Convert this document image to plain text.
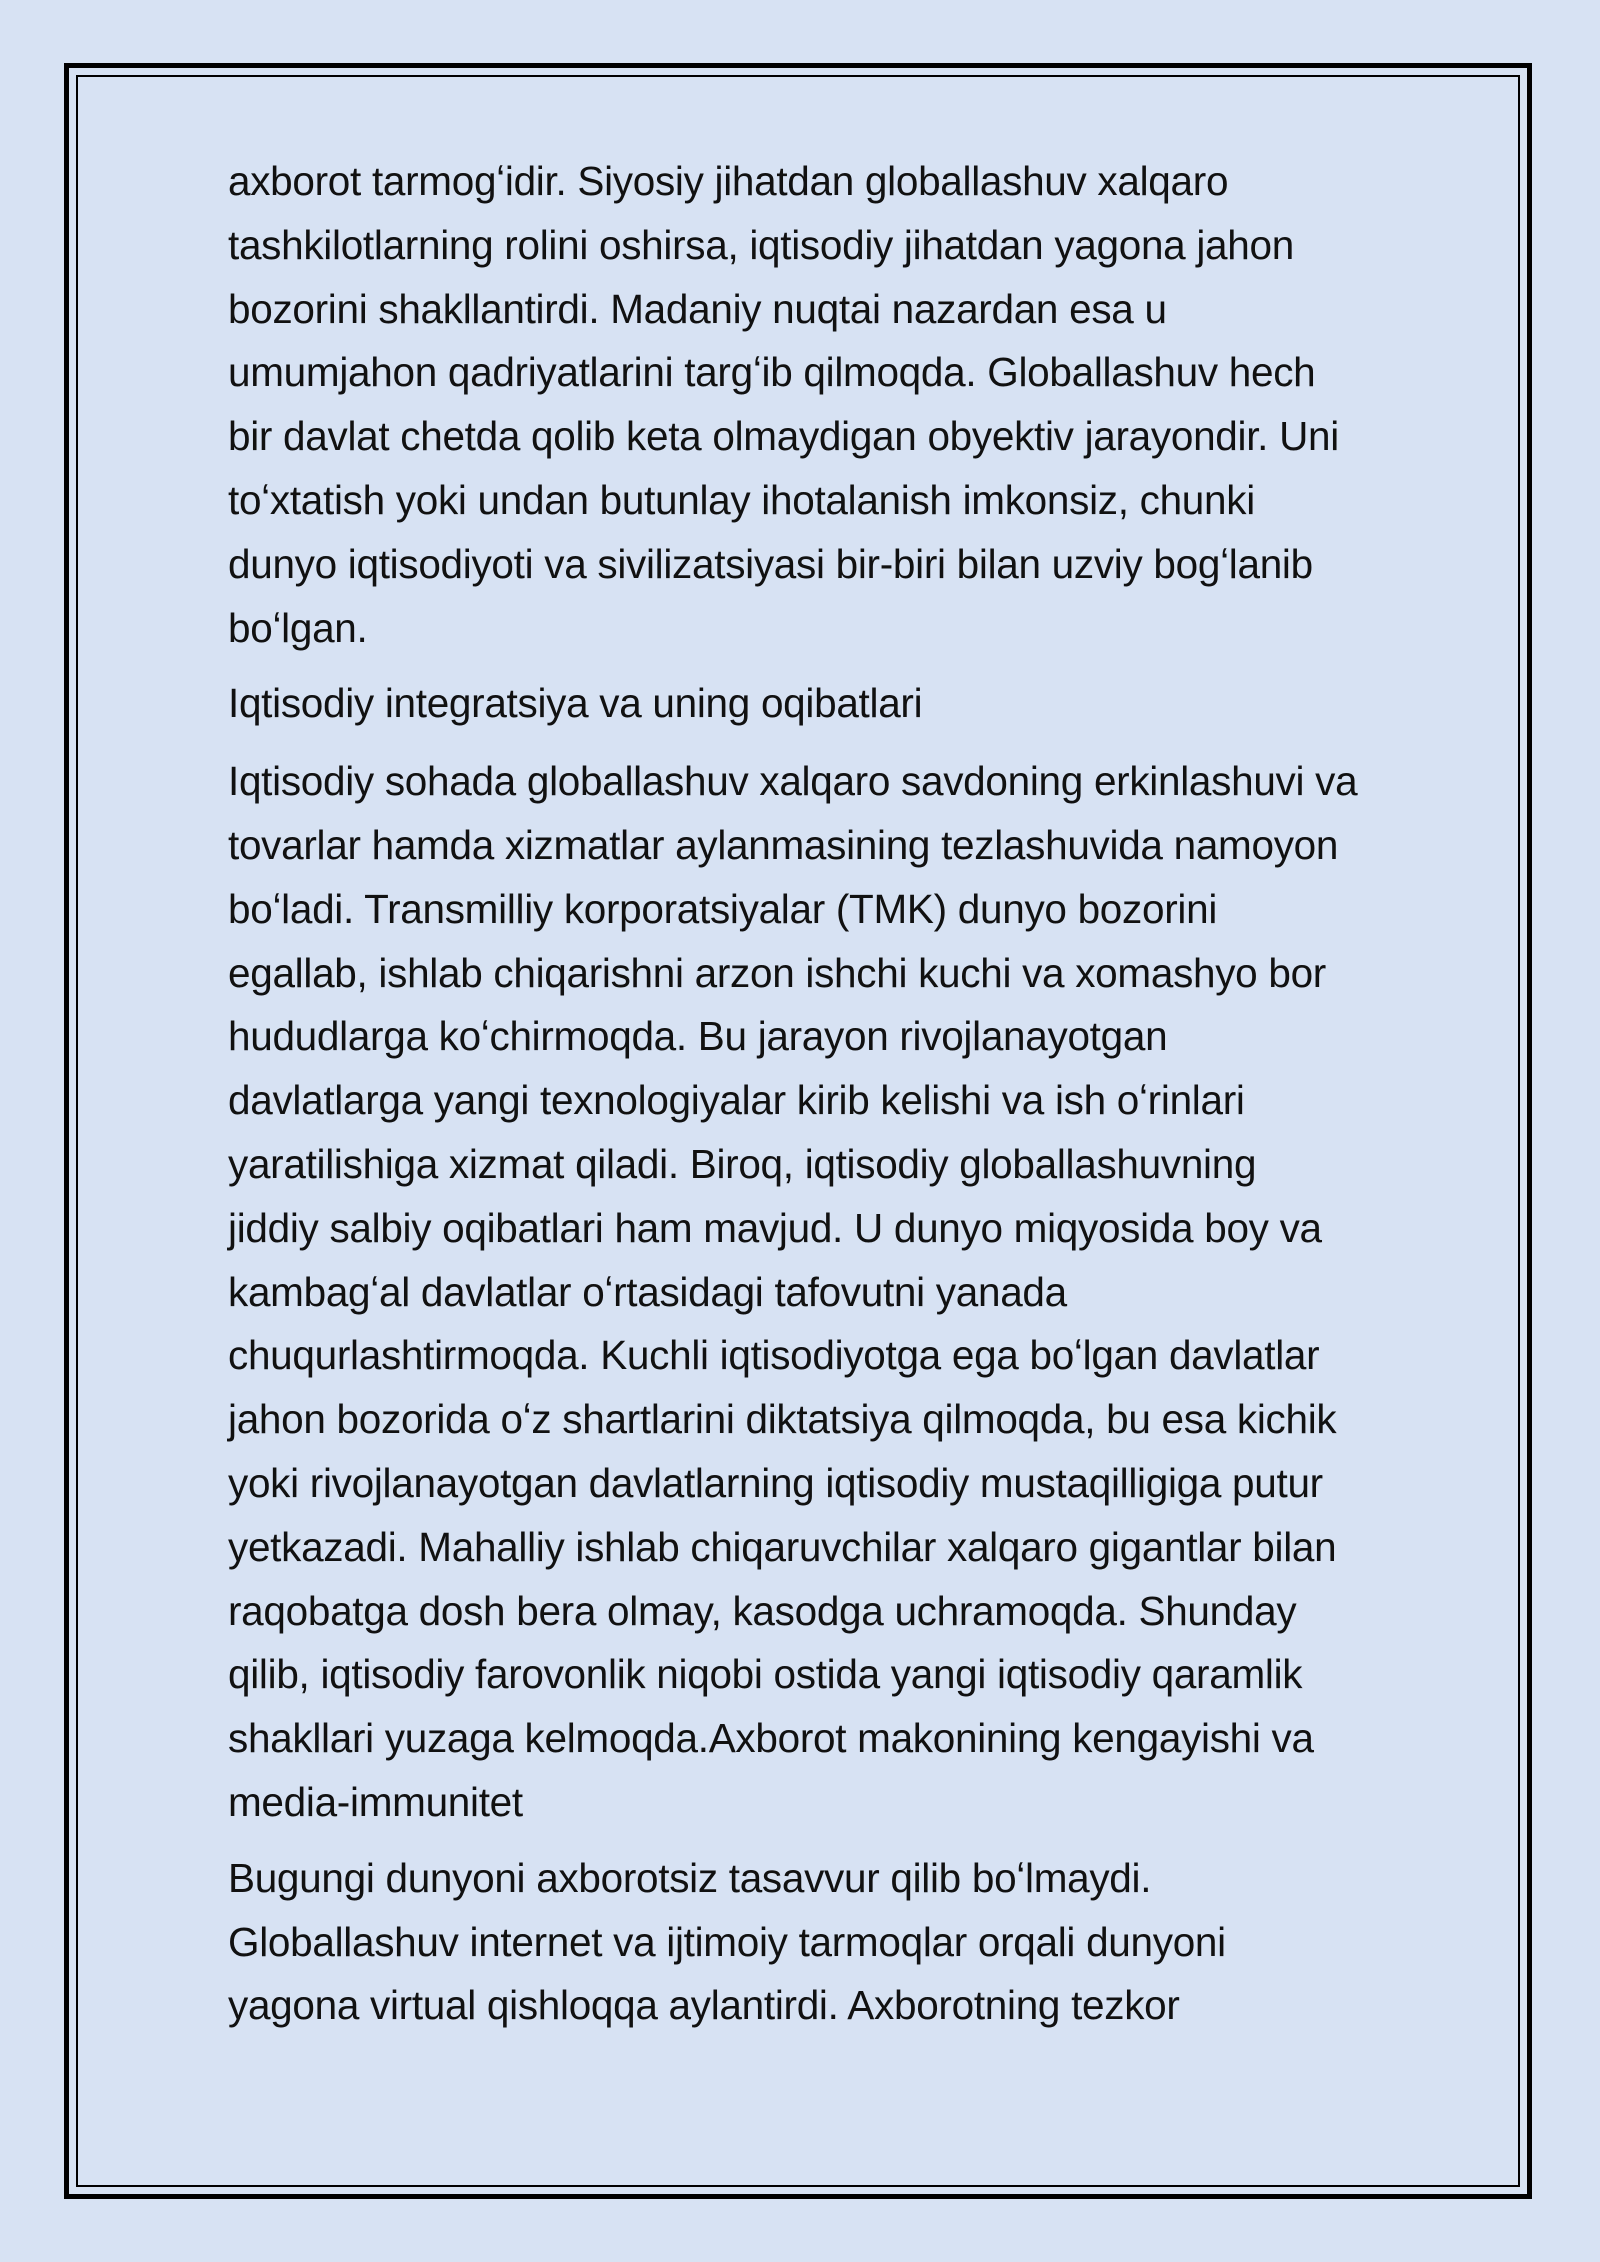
axborot tarmogʻidir. Siyosiy jihatdan globallashuv xalqaro
tashkilotlarning rolini oshirsa, iqtisodiy jihatdan yagona jahon
bozorini shakllantirdi. Madaniy nuqtai nazardan esa u
umumjahon qadriyatlarini targʻib qilmoqda. Globallashuv hech
bir davlat chetda qolib keta olmaydigan obyektiv jarayondir. Uni
toʻxtatish yoki undan butunlay ihotalanish imkonsiz, chunki
dunyo iqtisodiyoti va sivilizatsiyasi bir-biri bilan uzviy bogʻlanib
boʻlgan.

Iqtisodiy integratsiya va uning oqibatlari

Iqtisodiy sohada globallashuv xalqaro savdoning erkinlashuvi va
tovarlar hamda xizmatlar aylanmasining tezlashuvida namoyon
boʻladi. Transmilliy korporatsiyalar (TMK) dunyo bozorini
egallab, ishlab chiqarishni arzon ishchi kuchi va xomashyo bor
hududlarga koʻchirmoqda. Bu jarayon rivojlanayotgan
davlatlarga yangi texnologiyalar kirib kelishi va ish oʻrinlari
yaratilishiga xizmat qiladi. Biroq, iqtisodiy globallashuvning
jiddiy salbiy oqibatlari ham mavjud. U dunyo miqyosida boy va
kambagʻal davlatlar oʻrtasidagi tafovutni yanada
chuqurlashtirmoqda. Kuchli iqtisodiyotga ega boʻlgan davlatlar
jahon bozorida oʻz shartlarini diktatsiya qilmoqda, bu esa kichik
yoki rivojlanayotgan davlatlarning iqtisodiy mustaqilligiga putur
yetkazadi. Mahalliy ishlab chiqaruvchilar xalqaro gigantlar bilan
raqobatga dosh bera olmay, kasodga uchramoqda. Shunday
qilib, iqtisodiy farovonlik niqobi ostida yangi iqtisodiy qaramlik
shakllari yuzaga kelmoqda.Axborot makonining kengayishi va
media-immunitet

Bugungi dunyoni axborotsiz tasavvur qilib boʻlmaydi.
Globallashuv internet va ijtimoiy tarmoqlar orqali dunyoni
yagona virtual qishloqqa aylantirdi. Axborotning tezkor
